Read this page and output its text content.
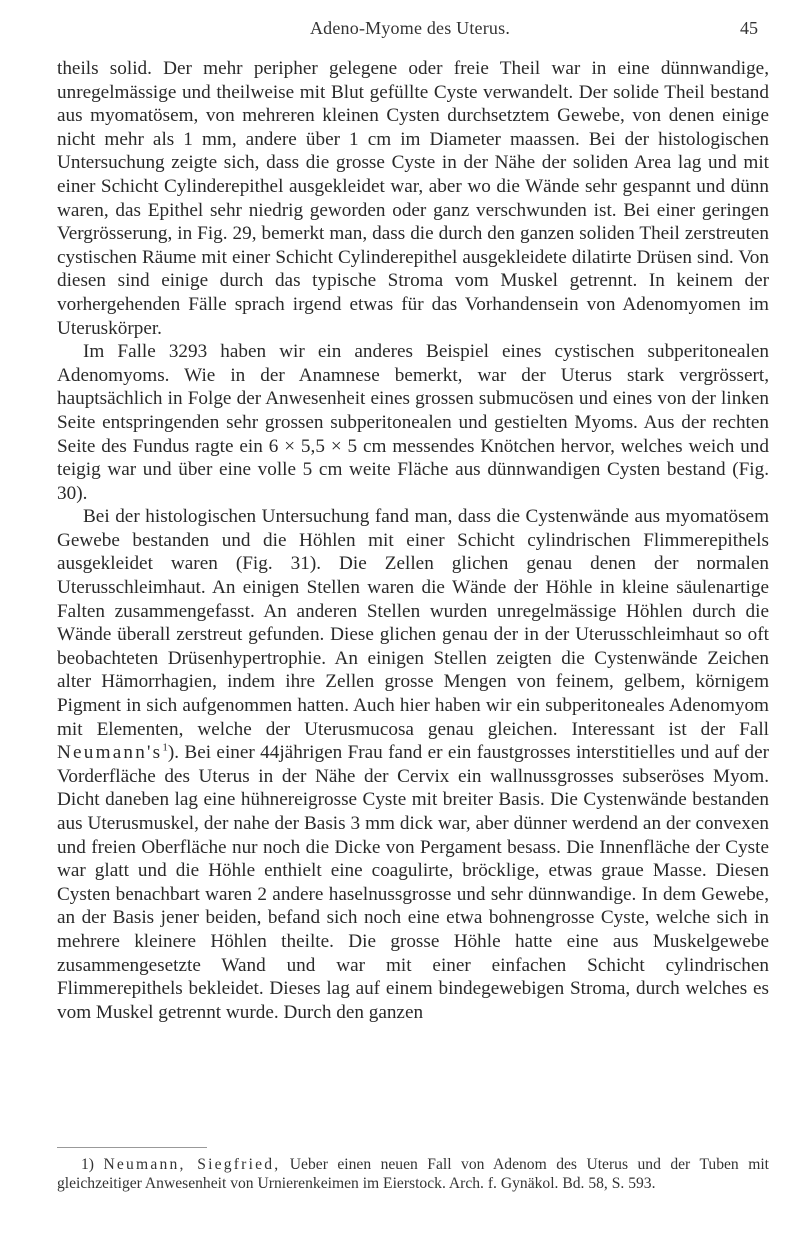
Adeno-Myome des Uterus.	45

theils solid. Der mehr peripher gelegene oder freie Theil war in eine dünnwandige, unregelmässige und theilweise mit Blut gefüllte Cyste verwandelt. Der solide Theil bestand aus myomatösem, von mehreren kleinen Cysten durchsetztem Gewebe, von denen einige nicht mehr als 1 mm, andere über 1 cm im Diameter maassen. Bei der histologischen Untersuchung zeigte sich, dass die grosse Cyste in der Nähe der soliden Area lag und mit einer Schicht Cylinderepithel ausgekleidet war, aber wo die Wände sehr gespannt und dünn waren, das Epithel sehr niedrig geworden oder ganz verschwunden ist. Bei einer geringen Vergrösserung, in Fig. 29, bemerkt man, dass die durch den ganzen soliden Theil zerstreuten cystischen Räume mit einer Schicht Cylinderepithel ausgekleidete dilatirte Drüsen sind. Von diesen sind einige durch das typische Stroma vom Muskel getrennt. In keinem der vorhergehenden Fälle sprach irgend etwas für das Vorhandensein von Adenomyomen im Uteruskörper.

Im Falle 3293 haben wir ein anderes Beispiel eines cystischen subperitonealen Adenomyoms. Wie in der Anamnese bemerkt, war der Uterus stark vergrössert, hauptsächlich in Folge der Anwesenheit eines grossen submucösen und eines von der linken Seite entspringenden sehr grossen subperitonealen und gestielten Myoms. Aus der rechten Seite des Fundus ragte ein 6 × 5,5 × 5 cm messendes Knötchen hervor, welches weich und teigig war und über eine volle 5 cm weite Fläche aus dünnwandigen Cysten bestand (Fig. 30).

Bei der histologischen Untersuchung fand man, dass die Cystenwände aus myomatösem Gewebe bestanden und die Höhlen mit einer Schicht cylindrischen Flimmerepithels ausgekleidet waren (Fig. 31). Die Zellen glichen genau denen der normalen Uterusschleimhaut. An einigen Stellen waren die Wände der Höhle in kleine säulenartige Falten zusammengefasst. An anderen Stellen wurden unregelmässige Höhlen durch die Wände überall zerstreut gefunden. Diese glichen genau der in der Uterusschleimhaut so oft beobachteten Drüsenhypertrophie. An einigen Stellen zeigten die Cystenwände Zeichen alter Hämorrhagien, indem ihre Zellen grosse Mengen von feinem, gelbem, körnigem Pigment in sich aufgenommen hatten. Auch hier haben wir ein subperitoneales Adenomyom mit Elementen, welche der Uterusmucosa genau gleichen. Interessant ist der Fall $Neumann's^1$). Bei einer 44jährigen Frau fand er ein faustgrosses interstitielles und auf der Vorderfläche des Uterus in der Nähe der Cervix ein wallnussgrosses subseröses Myom. Dicht daneben lag eine hühnereigrosse Cyste mit breiter Basis. Die Cystenwände bestanden aus Uterusmuskel, der nahe der Basis 3 mm dick war, aber dünner werdend an der convexen und freien Oberfläche nur noch die Dicke von Pergament besass. Die Innenfläche der Cyste war glatt und die Höhle enthielt eine coagulirte, bröcklige, etwas graue Masse. Diesen Cysten benachbart waren 2 andere haselnussgrosse und sehr dünnwandige. In dem Gewebe, an der Basis jener beiden, befand sich noch eine etwa bohnengrosse Cyste, welche sich in mehrere kleinere Höhlen theilte. Die grosse Höhle hatte eine aus Muskelgewebe zusammengesetzte Wand und war mit einer einfachen Schicht cylindrischen Flimmerepithels bekleidet. Dieses lag auf einem bindegewebigen Stroma, durch welches es vom Muskel getrennt wurde. Durch den ganzen

1) Neumann, Siegfried, Ueber einen neuen Fall von Adenom des Uterus und der Tuben mit gleichzeitiger Anwesenheit von Urnierenkeimen im Eierstock. Arch. f. Gynäkol. Bd. 58, S. 593.
